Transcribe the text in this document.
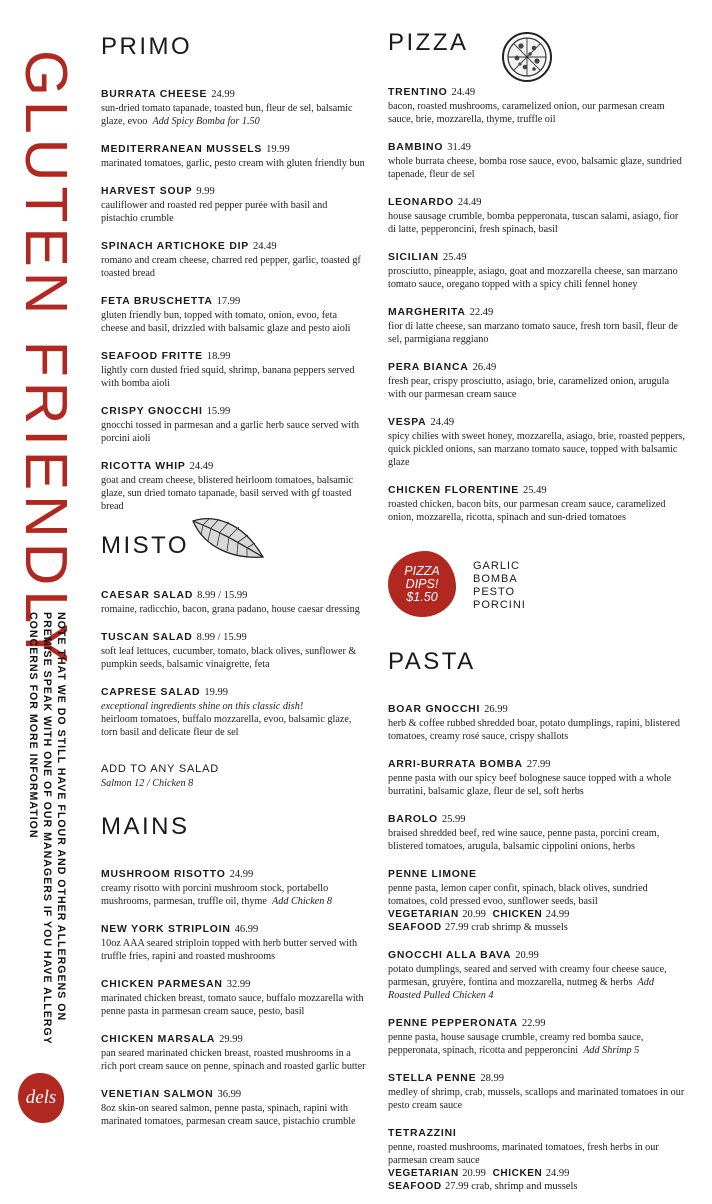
GLUTEN FRIENDLY
NOTE THAT WE DO STILL HAVE FLOUR AND OTHER ALLERGENS ON
PREMISE SPEAK WITH ONE OF OUR MANAGERS IF YOU HAVE ALLERGY
CONCERNS FOR MORE INFORMATION
dels
PRIMO
BURRATA CHEESE 24.99
sun-dried tomato tapanade, toasted bun, fleur de sel, balsamic glaze, evoo Add Spicy Bomba for 1.50
MEDITERRANEAN MUSSELS 19.99
marinated tomatoes, garlic, pesto cream with gluten friendly bun
HARVEST SOUP 9.99
cauliflower and roasted red pepper purée with basil and pistachio crumble
SPINACH ARTICHOKE DIP 24.49
romano and cream cheese, charred red pepper, garlic, toasted gf toasted bread
FETA BRUSCHETTA 17.99
gluten friendly bun, topped with tomato, onion, evoo, feta cheese and basil, drizzled with balsamic glaze and pesto aioli
SEAFOOD FRITTE 18.99
lightly corn dusted fried squid, shrimp, banana peppers served with bomba aioli
CRISPY GNOCCHI 15.99
gnocchi tossed in parmesan and a garlic herb sauce served with porcini aioli
RICOTTA WHIP 24.49
goat and cream cheese, blistered heirloom tomatoes, balsamic glaze, sun dried tomato tapanade, basil served with gf toasted bread
MISTO
CAESAR SALAD 8.99 / 15.99
romaine, radicchio, bacon, grana padano, house caesar dressing
TUSCAN SALAD 8.99 / 15.99
soft leaf lettuces, cucumber, tomato, black olives, sunflower & pumpkin seeds, balsamic vinaigrette, feta
CAPRESE SALAD 19.99
exceptional ingredients shine on this classic dish!
heirloom tomatoes, buffalo mozzarella, evoo, balsamic glaze, torn basil and delicate fleur de sel
ADD TO ANY SALAD
Salmon 12 / Chicken 8
MAINS
MUSHROOM RISOTTO 24.99
creamy risotto with porcini mushroom stock, portabello mushrooms, parmesan, truffle oil, thyme Add Chicken 8
NEW YORK STRIPLOIN 46.99
10oz AAA seared striploin topped with herb butter served with truffle fries, rapini and roasted mushrooms
CHICKEN PARMESAN 32.99
marinated chicken breast, tomato sauce, buffalo mozzarella with penne pasta in parmesan cream sauce, pesto, basil
CHICKEN MARSALA 29.99
pan seared marinated chicken breast, roasted mushrooms in a rich port cream sauce on penne, spinach and roasted garlic butter
VENETIAN SALMON 36.99
8oz skin-on seared salmon, penne pasta, spinach, rapini with marinated tomatoes, parmesan cream sauce, pistachio crumble
PIZZA
TRENTINO 24.49
bacon, roasted mushrooms, caramelized onion, our parmesan cream sauce, brie, mozzarella, thyme, truffle oil
BAMBINO 31.49
whole burrata cheese, bomba rose sauce, evoo, balsamic glaze, sundried tapenade, fleur de sel
LEONARDO 24.49
house sausage crumble, bomba pepperonata, tuscan salami, asiago, fior di latte, pepperoncini, fresh spinach, basil
SICILIAN 25.49
prosciutto, pineapple, asiago, goat and mozzarella cheese, san marzano tomato sauce, oregano topped with a spicy chili fennel honey
MARGHERITA 22.49
fior di latte cheese, san marzano tomato sauce, fresh torn basil, fleur de sel, parmigiana reggiano
PERA BIANCA 26.49
fresh pear, crispy prosciutto, asiago, brie, caramelized onion, arugula with our parmesan cream sauce
VESPA 24.49
spicy chilies with sweet honey, mozzarella, asiago, brie, roasted peppers, quick pickled onions, san marzano tomato sauce, topped with balsamic glaze
CHICKEN FLORENTINE 25.49
roasted chicken, bacon bits, our parmesan cream sauce, caramelized onion, mozzarella, ricotta, spinach and sun-dried tomatoes
PIZZA
DIPS!
$1.50
GARLIC
BOMBA
PESTO
PORCINI
PASTA
BOAR GNOCCHI 26.99
herb & coffee rubbed shredded boar, potato dumplings, rapini, blistered tomatoes, creamy rosé sauce, crispy shallots
ARRI-BURRATA BOMBA 27.99
penne pasta with our spicy beef bolognese sauce topped with a whole burratini, balsamic glaze, fleur de sel, soft herbs
BAROLO 25.99
braised shredded beef, red wine sauce, penne pasta, porcini cream, blistered tomatoes, arugula, balsamic cippolini onions, herbs
PENNE LIMONE
penne pasta, lemon caper confit, spinach, black olives, sundried tomatoes, cold pressed evoo, sunflower seeds, basil
VEGETARIAN 20.99 CHICKEN 24.99
SEAFOOD 27.99 crab shrimp & mussels
GNOCCHI ALLA BAVA 20.99
potato dumplings, seared and served with creamy four cheese sauce, parmesan, gruyère, fontina and mozzarella, nutmeg & herbs Add Roasted Pulled Chicken 4
PENNE PEPPERONATA 22.99
penne pasta, house sausage crumble, creamy red bomba sauce, pepperonata, spinach, ricotta and pepperoncini Add Shrimp 5
STELLA PENNE 28.99
medley of shrimp, crab, mussels, scallops and marinated tomatoes in our pesto cream sauce
TETRAZZINI
penne, roasted mushrooms, marinated tomatoes, fresh herbs in our parmesan cream sauce
VEGETARIAN 20.99 CHICKEN 24.99
SEAFOOD 27.99 crab, shrimp and mussels
